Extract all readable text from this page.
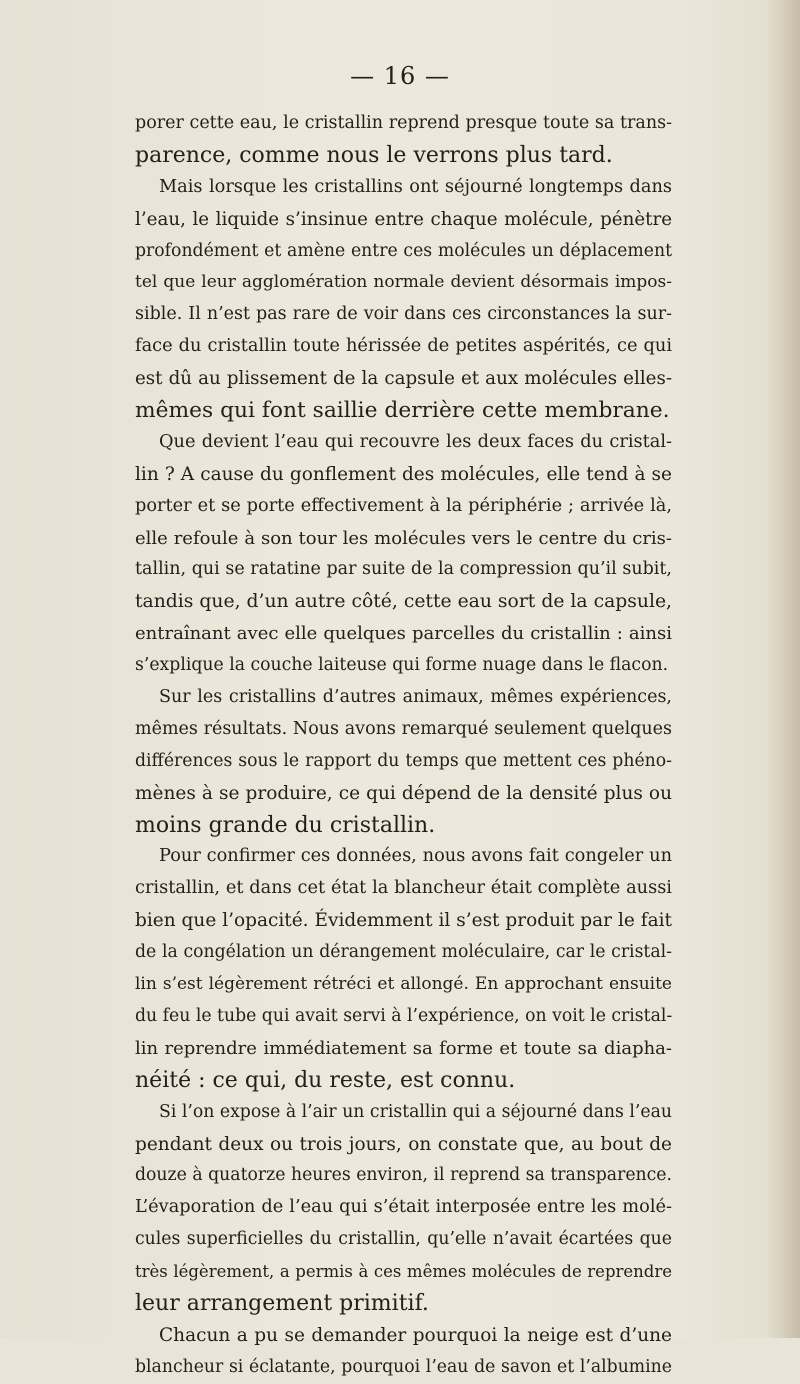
— 16 —
porer cette eau, le cristallin reprend presque toute sa trans-
parence, comme nous le verrons plus tard.
Mais lorsque les cristallins ont séjourné longtemps dans
l’eau, le liquide s’insinue entre chaque molécule, pénètre
profondément et amène entre ces molécules un déplacement
tel que leur agglomération normale devient désormais impos-
sible. Il n’est pas rare de voir dans ces circonstances la sur-
face du cristallin toute hérissée de petites aspérités, ce qui
est dû au plissement de la capsule et aux molécules elles-
mêmes qui font saillie derrière cette membrane.
Que devient l’eau qui recouvre les deux faces du cristal-
lin ? A cause du gonflement des molécules, elle tend à se
porter et se porte effectivement à la périphérie ; arrivée là,
elle refoule à son tour les molécules vers le centre du cris-
tallin, qui se ratatine par suite de la compression qu’il subit,
tandis que, d’un autre côté, cette eau sort de la capsule,
entraînant avec elle quelques parcelles du cristallin : ainsi
s’explique la couche laiteuse qui forme nuage dans le flacon.
Sur les cristallins d’autres animaux, mêmes expériences,
mêmes résultats. Nous avons remarqué seulement quelques
différences sous le rapport du temps que mettent ces phéno-
mènes à se produire, ce qui dépend de la densité plus ou
moins grande du cristallin.
Pour confirmer ces données, nous avons fait congeler un
cristallin, et dans cet état la blancheur était complète aussi
bien que l’opacité. Évidemment il s’est produit par le fait
de la congélation un dérangement moléculaire, car le cristal-
lin s’est légèrement rétréci et allongé. En approchant ensuite
du feu le tube qui avait servi à l’expérience, on voit le cristal-
lin reprendre immédiatement sa forme et toute sa diapha-
néité : ce qui, du reste, est connu.
Si l’on expose à l’air un cristallin qui a séjourné dans l’eau
pendant deux ou trois jours, on constate que, au bout de
douze à quatorze heures environ, il reprend sa transparence.
L’évaporation de l’eau qui s’était interposée entre les molé-
cules superficielles du cristallin, qu’elle n’avait écartées que
très légèrement, a permis à ces mêmes molécules de reprendre
leur arrangement primitif.
Chacun a pu se demander pourquoi la neige est d’une
blancheur si éclatante, pourquoi l’eau de savon et l’albumine
